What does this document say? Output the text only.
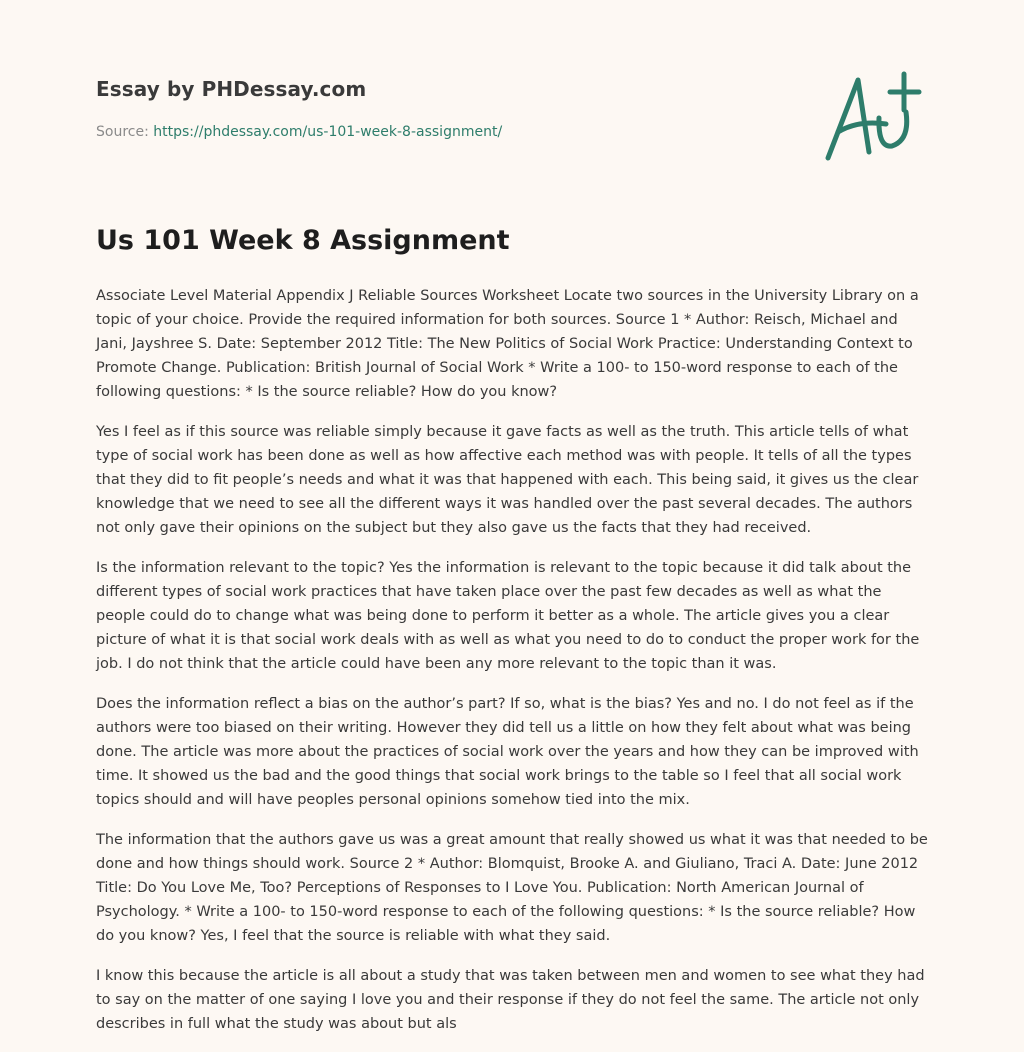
Essay by PHDessay.com
Source: https://phdessay.com/us-101-week-8-assignment/
Us 101 Week 8 Assignment

Associate Level Material Appendix J Reliable Sources Worksheet Locate two sources in the University Library on a topic of your choice. Provide the required information for both sources. Source 1 * Author: Reisch, Michael and Jani, Jayshree S. Date: September 2012 Title: The New Politics of Social Work Practice: Understanding Context to Promote Change. Publication: British Journal of Social Work * Write a 100- to 150-word response to each of the following questions: * Is the source reliable? How do you know?

Yes I feel as if this source was reliable simply because it gave facts as well as the truth. This article tells of what type of social work has been done as well as how affective each method was with people. It tells of all the types that they did to fit people’s needs and what it was that happened with each. This being said, it gives us the clear knowledge that we need to see all the different ways it was handled over the past several decades. The authors not only gave their opinions on the subject but they also gave us the facts that they had received.

Is the information relevant to the topic? Yes the information is relevant to the topic because it did talk about the different types of social work practices that have taken place over the past few decades as well as what the people could do to change what was being done to perform it better as a whole. The article gives you a clear picture of what it is that social work deals with as well as what you need to do to conduct the proper work for the job. I do not think that the article could have been any more relevant to the topic than it was.

Does the information reflect a bias on the author’s part? If so, what is the bias? Yes and no. I do not feel as if the authors were too biased on their writing. However they did tell us a little on how they felt about what was being done. The article was more about the practices of social work over the years and how they can be improved with time. It showed us the bad and the good things that social work brings to the table so I feel that all social work topics should and will have peoples personal opinions somehow tied into the mix.

The information that the authors gave us was a great amount that really showed us what it was that needed to be done and how things should work. Source 2 * Author: Blomquist, Brooke A. and Giuliano, Traci A. Date: June 2012 Title: Do You Love Me, Too? Perceptions of Responses to I Love You. Publication: North American Journal of Psychology. * Write a 100- to 150-word response to each of the following questions: * Is the source reliable? How do you know? Yes, I feel that the source is reliable with what they said.

I know this because the article is all about a study that was taken between men and women to see what they had to say on the matter of one saying I love you and their response if they do not feel the same. The article not only describes in full what the study was about but als
